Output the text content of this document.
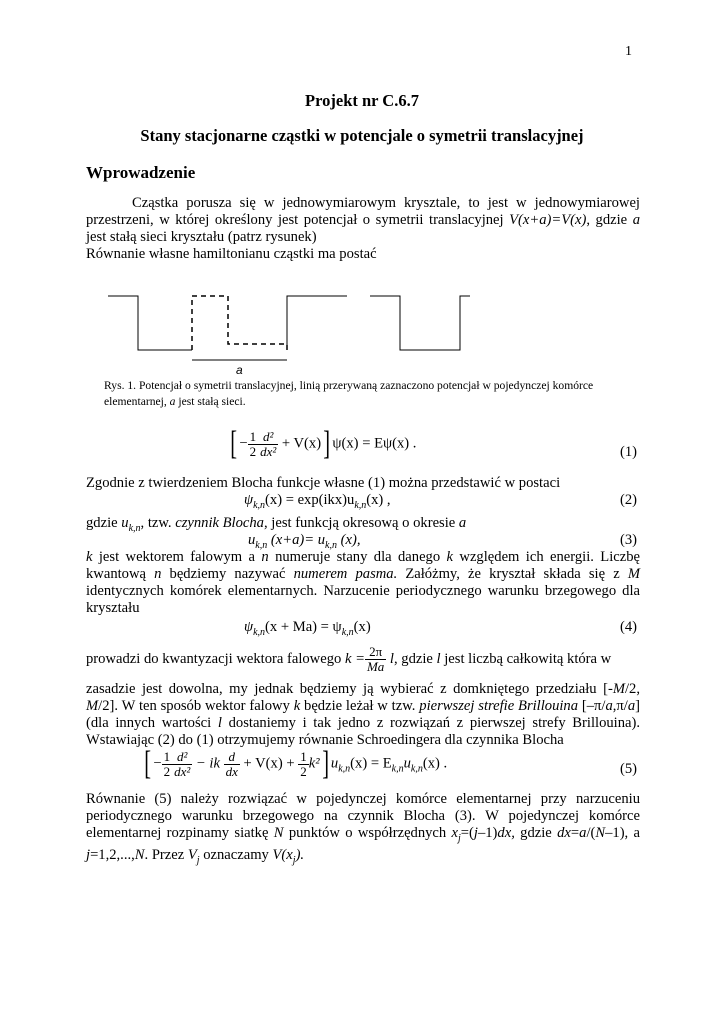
1
Projekt nr C.6.7
Stany stacjonarne cząstki w potencjale o symetrii translacyjnej
Wprowadzenie
Cząstka porusza się w jednowymiarowym krysztale, to jest w jednowymiarowej przestrzeni, w której określony jest potencjał o symetrii translacyjnej V(x+a)=V(x), gdzie a jest stałą sieci kryształu (patrz rysunek)
Równanie własne hamiltonianu cząstki ma postać
a
Rys. 1. Potencjał o symetrii translacyjnej, linią przerywaną zaznaczono potencjał w pojedynczej komórce elementarnej, a jest stałą sieci.
[ − $\frac{1}{2} \frac{\text{d²}}{\text{dx²}} + V(x)$] ψ(x) = Eψ(x) .
(1)
Zgodnie z twierdzeniem Blocha funkcje własne (1) można przedstawić w postaci
$\psi_{k,n}(x) = \exp(ikx)u_{k,n}(x)$ ,	(2)
gdzie $u_{k,n}$, tzw. czynnik Blocha, jest funkcją okresową o okresie a
$u_{k,n}$ $(x+a)= u_{k,n}$ (x),	(3)
k jest wektorem falowym a n numeruje stany dla danego k względem ich energii. Liczbę kwantową n będziemy nazywać numerem pasma. Załóżmy, że kryształ składa się z M identycznych komórek elementarnych. Narzucenie periodycznego warunku brzegowego dla kryształu
$\psi_{k,n}(x + Ma) = \psi_{k,n}(x)$	(4)
prowadzi do kwantyzacji wektora falowego $k = \frac{2\pi}{Ma} l$, gdzie l jest liczbą całkowitą która w
zasadzie jest dowolna, my jednak będziemy ją wybierać z domkniętego przedziału [-M/2, M/2]. W ten sposób wektor falowy k będzie leżał w tzw. pierwszej strefie Brillouina [–π/a,π/a] (dla innych wartości l dostaniemy i tak jedno z rozwiązań z pierwszej strefy Brillouina). Wstawiając (2) do (1) otrzymujemy równanie Schroedingera dla czynnika Blocha
[ − $\frac{1}{2} \frac{\text{d²}}{\text{dx²}}$ − ik $\frac{d}{dx} + V(x) + \frac{1}{2} k^2$] $u_{k,n}(x) = E_{k,n}u_{k,n}(x)$ .	(5)
Równanie (5) należy rozwiązać w pojedynczej komórce elementarnej przy narzuceniu periodycznego warunku brzegowego na czynnik Blocha (3). W pojedynczej komórce elementarnej rozpinamy siatkę N punktów o współrzędnych $x_j=(j-1)dx$, gdzie dx=a/(N–1), a j=1,2,...,N. Przez $V_j$ oznaczamy $V(x_j)$.
